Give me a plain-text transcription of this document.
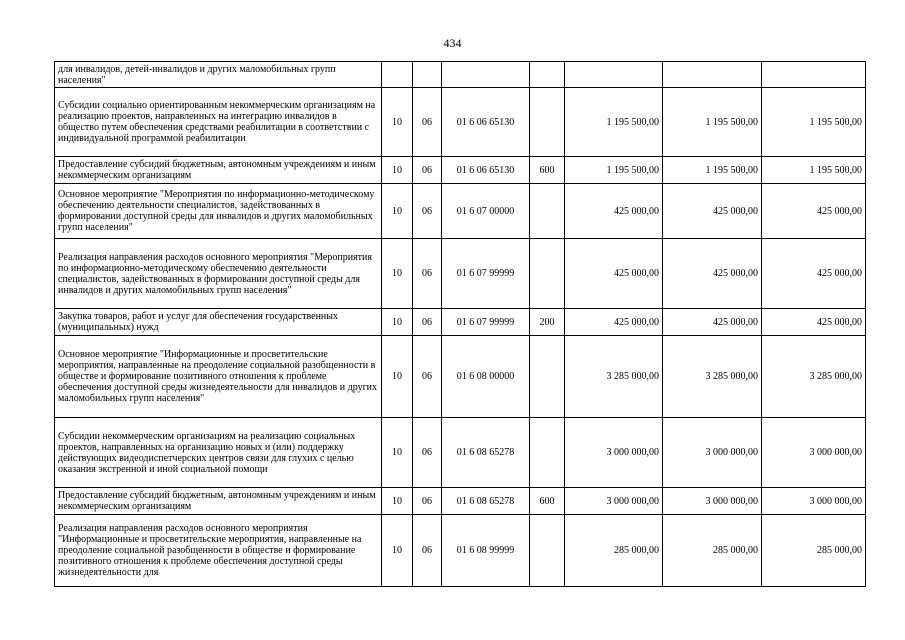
434
для инвалидов, детей-инвалидов и других маломобильных групп населения"							
Субсидии социально ориентированным некоммерческим организациям на реализацию проектов, направленных на интеграцию инвалидов в общество путем обеспечения средствами реабилитации в соответствии с индивидуальной программой реабилитации	10	06	01 6 06 65130		1 195 500,00	1 195 500,00	1 195 500,00
Предоставление субсидий бюджетным, автономным учреждениям и иным некоммерческим организациям	10	06	01 6 06 65130	600	1 195 500,00	1 195 500,00	1 195 500,00
Основное мероприятие "Мероприятия по информационно-методическому обеспечению деятельности специалистов, задействованных в формировании доступной среды для инвалидов и других маломобильных групп населения"	10	06	01 6 07 00000		425 000,00	425 000,00	425 000,00
Реализация направления расходов основного мероприятия "Мероприятия по информационно-методическому обеспечению деятельности специалистов, задействованных в формировании доступной среды для инвалидов и других маломобильных групп населения"	10	06	01 6 07 99999		425 000,00	425 000,00	425 000,00
Закупка товаров, работ и услуг для обеспечения государственных (муниципальных) нужд	10	06	01 6 07 99999	200	425 000,00	425 000,00	425 000,00
Основное мероприятие "Информационные и просветительские мероприятия, направленные на преодоление социальной разобщенности в обществе и формирование позитивного отношения к проблеме обеспечения доступной среды жизнедеятельности для инвалидов и других маломобильных групп населения"	10	06	01 6 08 00000		3 285 000,00	3 285 000,00	3 285 000,00
Субсидии некоммерческим организациям на реализацию социальных проектов, направленных на организацию новых и (или) поддержку действующих видеодиспетчерских центров связи для глухих с целью оказания экстренной и иной социальной помощи	10	06	01 6 08 65278		3 000 000,00	3 000 000,00	3 000 000,00
Предоставление субсидий бюджетным, автономным учреждениям и иным некоммерческим организациям	10	06	01 6 08 65278	600	3 000 000,00	3 000 000,00	3 000 000,00
Реализация направления расходов основного мероприятия "Информационные и просветительские мероприятия, направленные на преодоление социальной разобщенности в обществе и формирование позитивного отношения к проблеме обеспечения доступной среды жизнедеятельности для	10	06	01 6 08 99999		285 000,00	285 000,00	285 000,00
